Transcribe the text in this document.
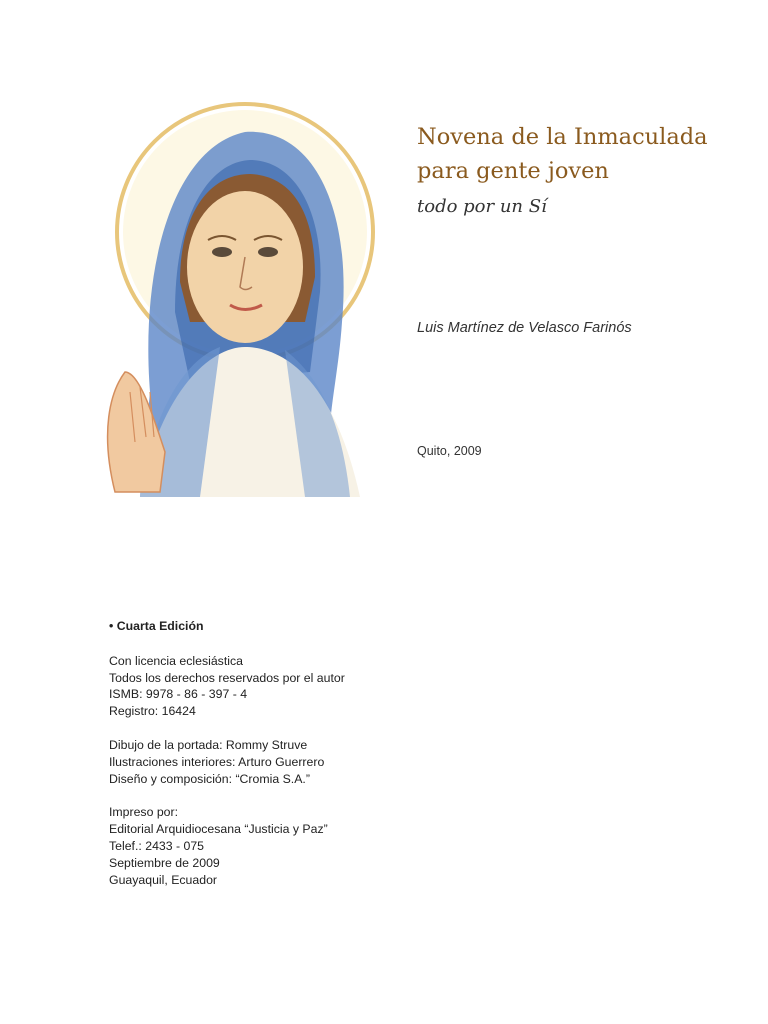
Novena de la Inmaculada
para gente joven

todo por un Sí

Luis Martínez de Velasco Farinós
Quito, 2009
• Cuarta Edición
Con licencia eclesiástica
Todos los derechos reservados por el autor
ISMB: 9978 - 86 - 397 - 4
Registro: 16424
Dibujo de la portada: Rommy Struve
Ilustraciones interiores: Arturo Guerrero
Diseño y composición: “Cromia S.A.”
Impreso por:
Editorial Arquidiocesana “Justicia y Paz”
Telef.: 2433 - 075
Septiembre de 2009
Guayaquil, Ecuador
